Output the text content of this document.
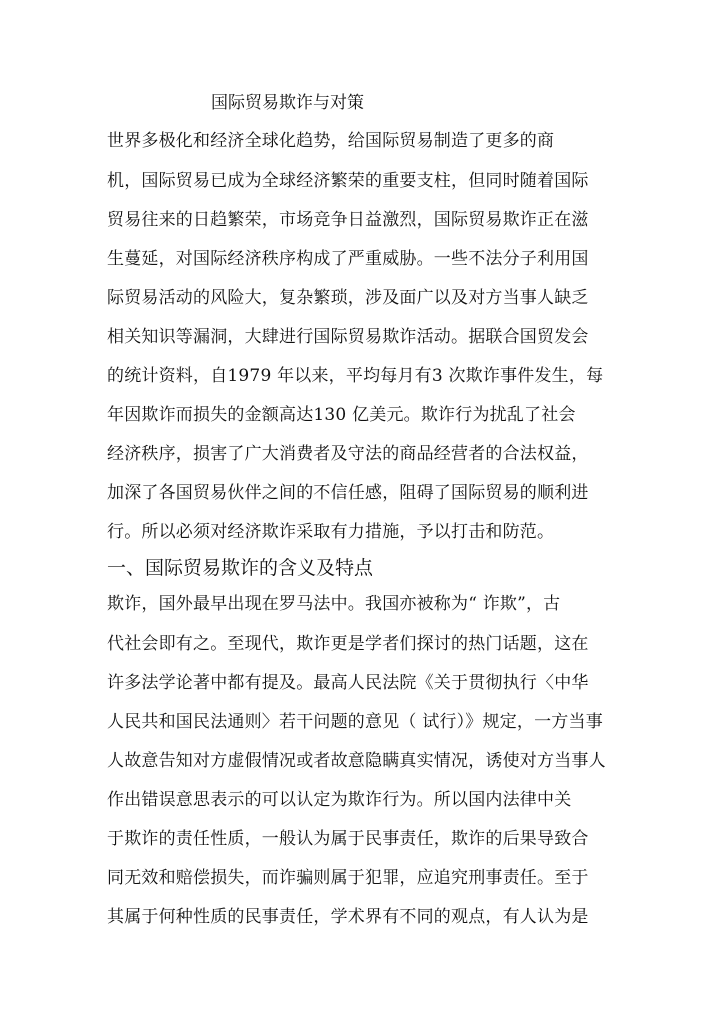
国际贸易欺诈与对策
世界多极化和经济全球化趋势，给国际贸易制造了更多的商
机，国际贸易已成为全球经济繁荣的重要支柱，但同时随着国际
贸易往来的日趋繁荣，市场竞争日益激烈，国际贸易欺诈正在滋
生蔓延，对国际经济秩序构成了严重威胁。一些不法分子利用国
际贸易活动的风险大，复杂繁琐，涉及面广以及对方当事人缺乏
相关知识等漏洞，大肆进行国际贸易欺诈活动。据联合国贸发会
的统计资料，自1979 年以来，平均每月有3 次欺诈事件发生，每
年因欺诈而损失的金额高达130 亿美元。欺诈行为扰乱了社会
经济秩序，损害了广大消费者及守法的商品经营者的合法权益，
加深了各国贸易伙伴之间的不信任感，阻碍了国际贸易的顺利进
行。所以必须对经济欺诈采取有力措施，予以打击和防范。
一、国际贸易欺诈的含义及特点
欺诈，国外最早出现在罗马法中。我国亦被称为“ 诈欺”，古
代社会即有之。至现代，欺诈更是学者们探讨的热门话题，这在
许多法学论著中都有提及。最高人民法院《关于贯彻执行〈中华
人民共和国民法通则〉若干问题的意见（ 试行）》规定，一方当事
人故意告知对方虚假情况或者故意隐瞒真实情况，诱使对方当事人
作出错误意思表示的可以认定为欺诈行为。所以国内法律中关
于欺诈的责任性质，一般认为属于民事责任，欺诈的后果导致合
同无效和赔偿损失，而诈骗则属于犯罪，应追究刑事责任。至于
其属于何种性质的民事责任，学术界有不同的观点，有人认为是
